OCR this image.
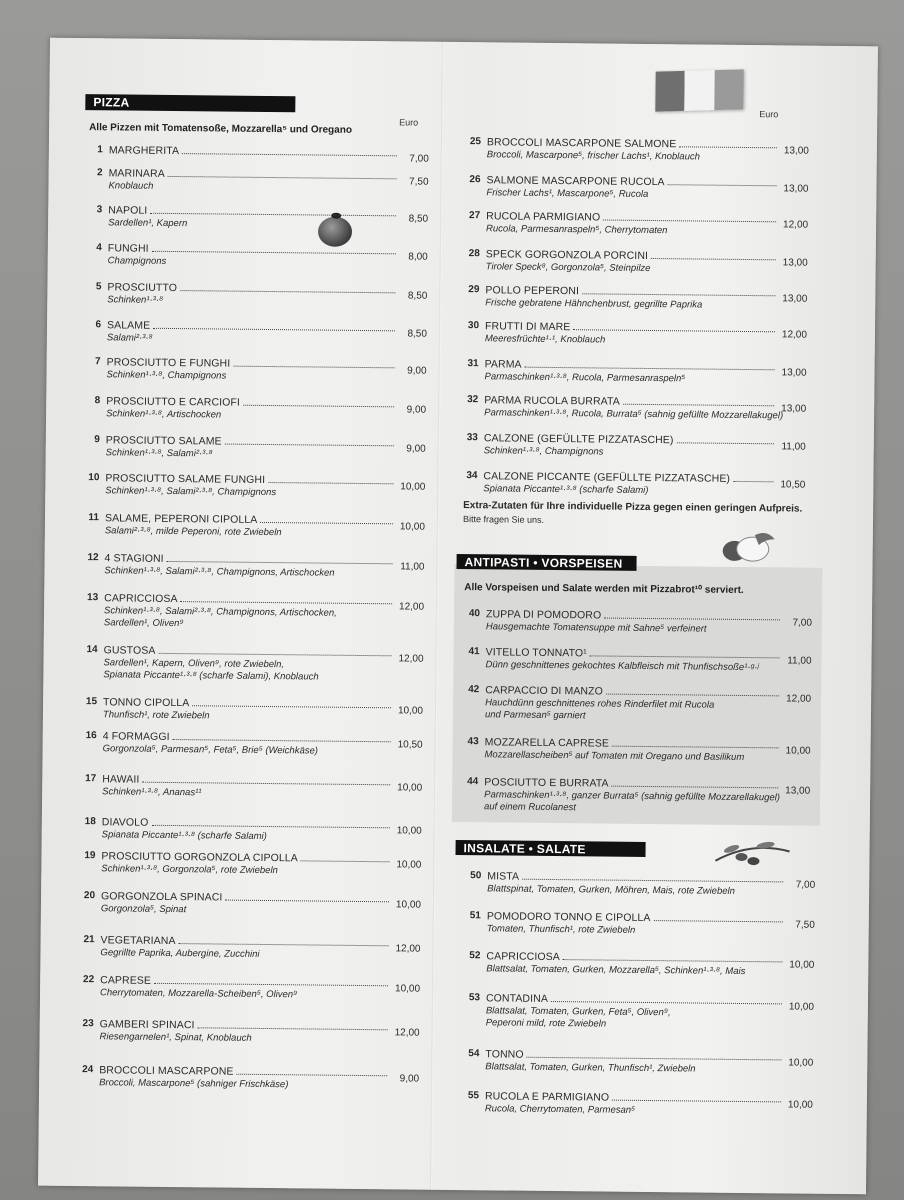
PIZZA
Euro
Alle Pizzen mit Tomatensoße, Mozzarella⁵ und Oregano
1 MARGHERITA
7,00
2 MARINARA
7,50
Knoblauch
3 NAPOLI
8,50
Sardellen¹, Kapern
4 FUNGHI
8,00
Champignons
5 PROSCIUTTO
8,50
Schinken¹·³·⁸
6 SALAME
8,50
Salami²·³·⁸
7 PROSCIUTTO E FUNGHI
9,00
Schinken¹·³·⁸, Champignons
8 PROSCIUTTO E CARCIOFI
9,00
Schinken¹·³·⁸, Artischocken
9 PROSCIUTTO SALAME
9,00
Schinken¹·³·⁸, Salami²·³·⁸
10 PROSCIUTTO SALAME FUNGHI
10,00
Schinken¹·³·⁸, Salami²·³·⁸, Champignons
11 SALAME, PEPERONI CIPOLLA
10,00
Salami²·³·⁸, milde Peperoni, rote Zwiebeln
12 4 STAGIONI
11,00
Schinken¹·³·⁸, Salami²·³·⁸, Champignons, Artischocken
13 CAPRICCIOSA
12,00
Schinken¹·³·⁸, Salami²·³·⁸, Champignons, Artischocken,
Sardellen¹, Oliven⁹
14 GUSTOSA
12,00
Sardellen¹, Kapern, Oliven⁹, rote Zwiebeln,
Spianata Piccante¹·³·⁸ (scharfe Salami), Knoblauch
15 TONNO CIPOLLA
10,00
Thunfisch¹, rote Zwiebeln
16 4 FORMAGGI
10,50
Gorgonzola⁵, Parmesan⁵, Feta⁵, Brie⁵ (Weichkäse)
17 HAWAII
10,00
Schinken¹·³·⁸, Ananas¹¹
18 DIAVOLO
10,00
Spianata Piccante¹·³·⁸ (scharfe Salami)
19 PROSCIUTTO GORGONZOLA CIPOLLA
10,00
Schinken¹·³·⁸, Gorgonzola⁵, rote Zwiebeln
20 GORGONZOLA SPINACI
10,00
Gorgonzola⁵, Spinat
21 VEGETARIANA
12,00
Gegrillte Paprika, Aubergine, Zucchini
22 CAPRESE
10,00
Cherrytomaten, Mozzarella-Scheiben⁵, Oliven⁹
23 GAMBERI SPINACI
12,00
Riesengarnelen¹, Spinat, Knoblauch
24 BROCCOLI MASCARPONE
9,00
Broccoli, Mascarpone⁵ (sahniger Frischkäse)
Euro
25 BROCCOLI MASCARPONE SALMONE
13,00
Broccoli, Mascarpone⁵, frischer Lachs¹, Knoblauch
26 SALMONE MASCARPONE RUCOLA
13,00
Frischer Lachs¹, Mascarpone⁵, Rucola
27 RUCOLA PARMIGIANO
12,00
Rucola, Parmesanraspeln⁵, Cherrytomaten
28 SPECK GORGONZOLA PORCINI
13,00
Tiroler Speck⁸, Gorgonzola⁵, Steinpilze
29 POLLO PEPERONI
13,00
Frische gebratene Hähnchenbrust, gegrillte Paprika
30 FRUTTI DI MARE
12,00
Meeresfrüchte¹·¹, Knoblauch
31 PARMA
13,00
Parmaschinken¹·³·⁸, Rucola, Parmesanraspeln⁵
32 PARMA RUCOLA BURRATA
13,00
Parmaschinken¹·³·⁸, Rucola, Burrata⁵ (sahnig gefüllte Mozzarellakugel)
33 CALZONE (GEFÜLLTE PIZZATASCHE)
11,00
Schinken¹·³·⁸, Champignons
34 CALZONE PICCANTE (GEFÜLLTE PIZZATASCHE)
10,50
Spianata Piccante¹·³·⁸ (scharfe Salami)
Extra-Zutaten für Ihre individuelle Pizza gegen einen geringen Aufpreis.
Bitte fragen Sie uns.
ANTIPASTI • VORSPEISEN
Alle Vorspeisen und Salate werden mit Pizzabrot¹⁰ serviert.
40 ZUPPA DI POMODORO
7,00
Hausgemachte Tomatensuppe mit Sahne⁵ verfeinert
41 VITELLO TONNATO¹
11,00
Dünn geschnittenes gekochtes Kalbfleisch mit Thunfischsoße¹·ᵍ·ʲ
42 CARPACCIO DI MANZO
12,00
Hauchdünn geschnittenes rohes Rinderfilet mit Rucola
und Parmesan⁵ garniert
43 MOZZARELLA CAPRESE
10,00
Mozzarellascheiben⁵ auf Tomaten mit Oregano und Basilikum
44 POSCIUTTO E BURRATA
13,00
Parmaschinken¹·³·⁸, ganzer Burrata⁵ (sahnig gefüllte Mozzarellakugel)
auf einem Rucolanest
INSALATE • SALATE
50 MISTA
7,00
Blattspinat, Tomaten, Gurken, Möhren, Mais, rote Zwiebeln
51 POMODORO TONNO E CIPOLLA
7,50
Tomaten, Thunfisch¹, rote Zwiebeln
52 CAPRICCIOSA
10,00
Blattsalat, Tomaten, Gurken, Mozzarella⁵, Schinken¹·³·⁸, Mais
53 CONTADINA
10,00
Blattsalat, Tomaten, Gurken, Feta⁵, Oliven⁹,
Peperoni mild, rote Zwiebeln
54 TONNO
10,00
Blattsalat, Tomaten, Gurken, Thunfisch¹, Zwiebeln
55 RUCOLA E PARMIGIANO
10,00
Rucola, Cherrytomaten, Parmesan⁵
